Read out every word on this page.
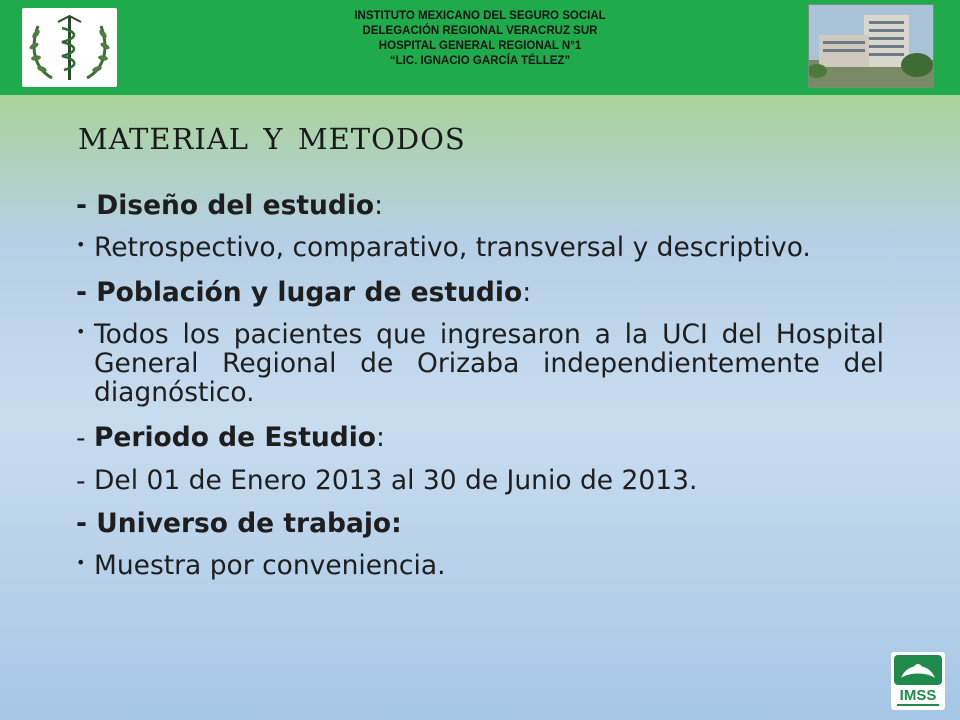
INSTITUTO MEXICANO DEL SEGURO SOCIAL
DELEGACIÓN REGIONAL VERACRUZ SUR
HOSPITAL GENERAL REGIONAL N°1
“LIC. IGNACIO GARCÍA TÉLLEZ”
material y metodos

- Diseño del estudio:

• Retrospectivo, comparativo, transversal y descriptivo.

- Población y lugar de estudio:

• Todos los pacientes que ingresaron a la UCI del Hospital General Regional de Orizaba independientemente del diagnóstico.
- Periodo de Estudio:
- Del 01 de Enero 2013 al 30 de Junio de 2013.

- Universo de trabajo:

• Muestra por conveniencia.
IMSS
